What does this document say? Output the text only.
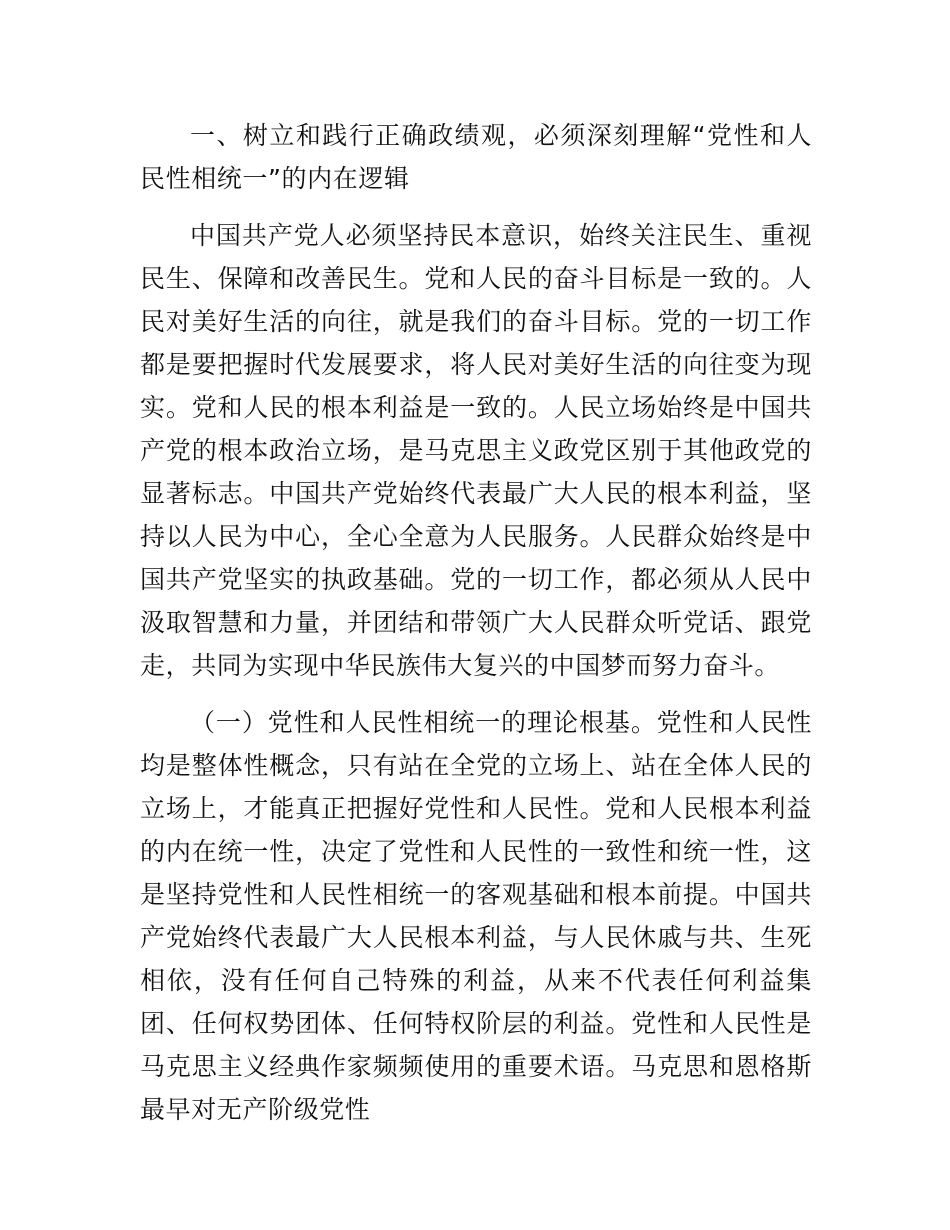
一、树立和践行正确政绩观，必须深刻理解“党性和人民性相统一”的内在逻辑

中国共产党人必须坚持民本意识，始终关注民生、重视民生、保障和改善民生。党和人民的奋斗目标是一致的。人民对美好生活的向往，就是我们的奋斗目标。党的一切工作都是要把握时代发展要求，将人民对美好生活的向往变为现实。党和人民的根本利益是一致的。人民立场始终是中国共产党的根本政治立场，是马克思主义政党区别于其他政党的显著标志。中国共产党始终代表最广大人民的根本利益，坚持以人民为中心，全心全意为人民服务。人民群众始终是中国共产党坚实的执政基础。党的一切工作，都必须从人民中汲取智慧和力量，并团结和带领广大人民群众听党话、跟党走，共同为实现中华民族伟大复兴的中国梦而努力奋斗。

（一）党性和人民性相统一的理论根基。党性和人民性均是整体性概念，只有站在全党的立场上、站在全体人民的立场上，才能真正把握好党性和人民性。党和人民根本利益的内在统一性，决定了党性和人民性的一致性和统一性，这是坚持党性和人民性相统一的客观基础和根本前提。中国共产党始终代表最广大人民根本利益，与人民休戚与共、生死相依，没有任何自己特殊的利益，从来不代表任何利益集团、任何权势团体、任何特权阶层的利益。党性和人民性是马克思主义经典作家频频使用的重要术语。马克思和恩格斯最早对无产阶级党性
